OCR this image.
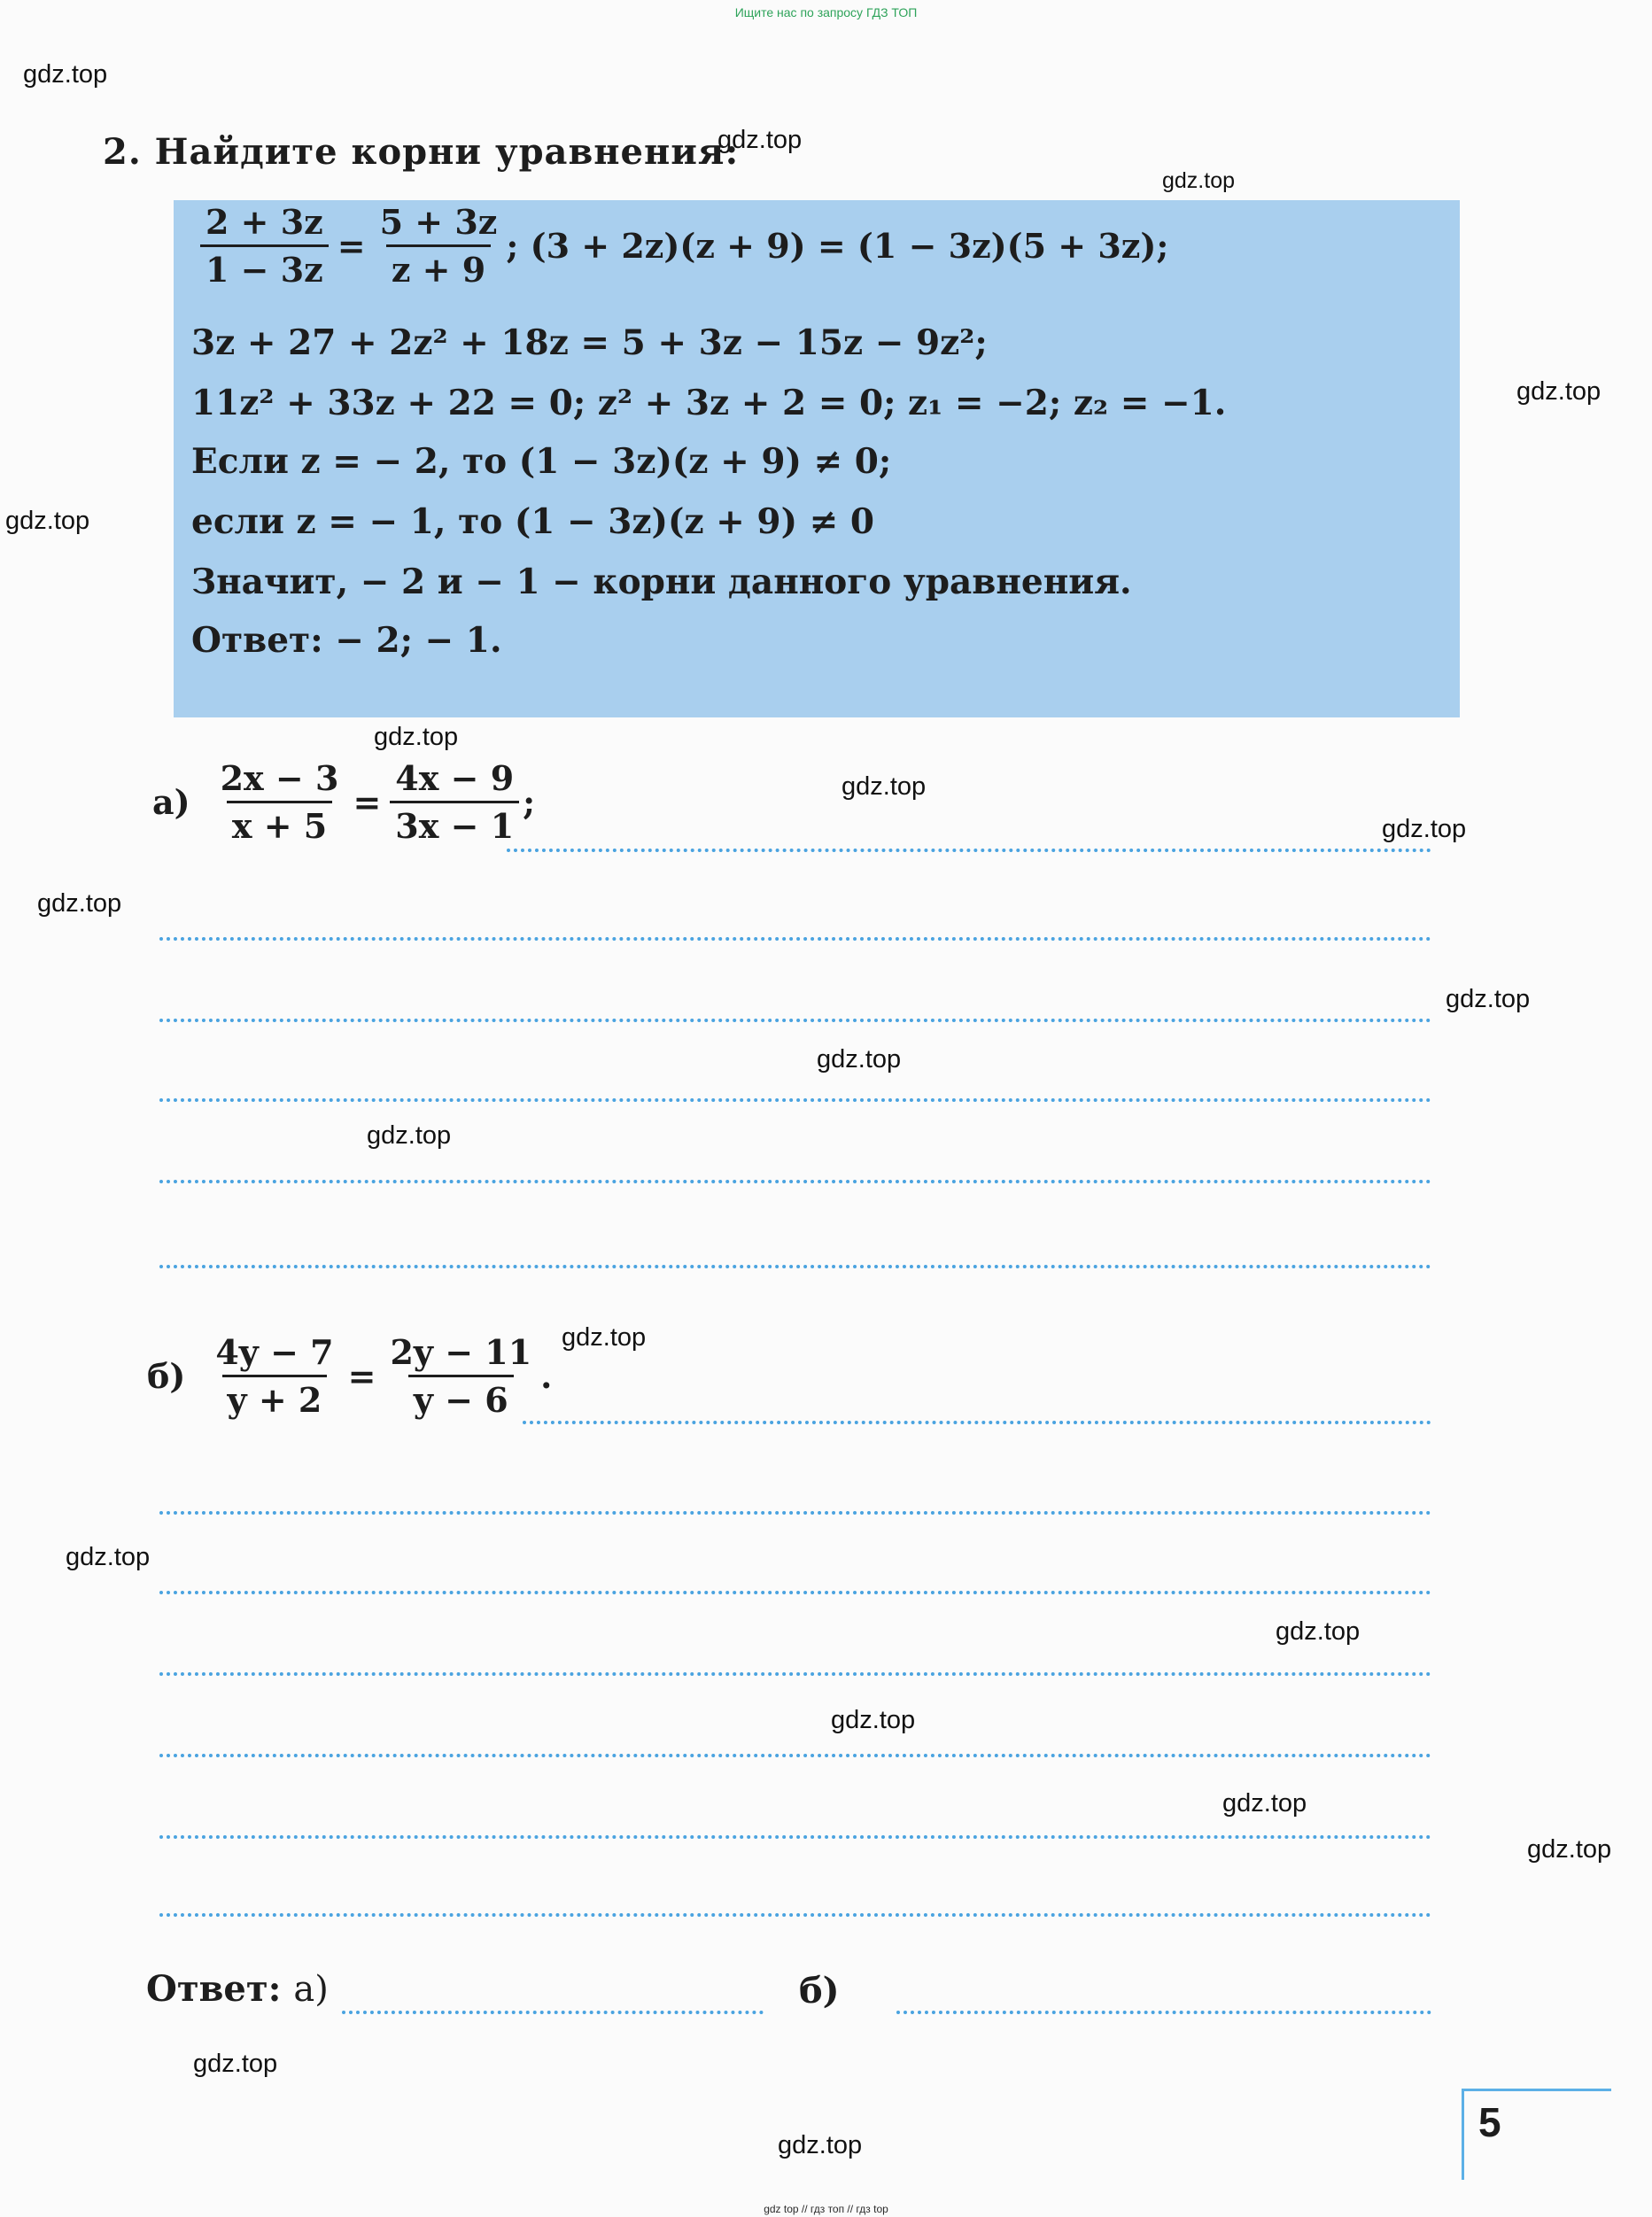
Ищите нас по запросу ГДЗ ТОП
gdz.top
gdz.top
gdz.top
gdz.top
gdz.top
gdz.top
gdz.top
gdz.top
gdz.top
gdz.top
gdz.top
gdz.top
gdz.top
gdz.top
gdz.top
gdz.top
gdz.top
gdz.top
gdz.top
gdz.top
2. Найдите корни уравнения:
$\frac{2 + 3z}{1 - 3z} = \frac{5 + 3z}{z + 9}$ ; (3 + 2z)(z + 9) = (1 − 3z)(5 + 3z);
3z + 27 + 2z² + 18z = 5 + 3z − 15z − 9z²;
11z² + 33z + 22 = 0; z² + 3z + 2 = 0; z₁ = −2; z₂ = −1.
Если z = − 2, то (1 − 3z)(z + 9) ≠ 0;
если z = − 1, то (1 − 3z)(z + 9) ≠ 0
Значит, − 2 и − 1 − корни данного уравнения.
Ответ: − 2; − 1.
$а) \frac{2x - 3}{x + 5} = \frac{4x - 9}{3x - 1}$ ;
$б) \frac{4y - 7}{y + 2} = \frac{2y - 11}{y - 6}$ .
Ответ: а)	б)
5
gdz top // гдз топ // гдз top
